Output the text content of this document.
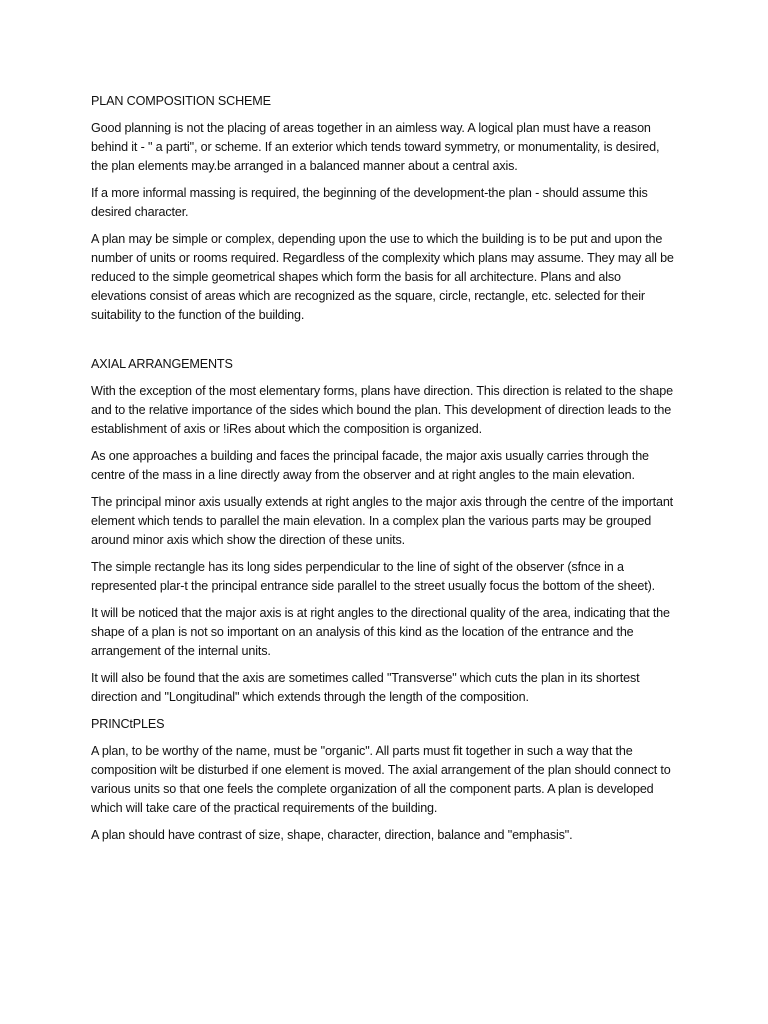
PLAN COMPOSITION SCHEME

Good planning is not the placing of areas together in an aimless way. A logical plan must have a reason behind it - " a parti", or scheme. If an exterior which tends toward symmetry, or monumentality, is desired, the plan elements may.be arranged in a balanced manner about a central axis.

If a more informal massing is required, the beginning of the development-the plan - should assume this desired character.

A plan may be simple or complex, depending upon the use to which the building is to be put and upon the number of units or rooms required. Regardless of the complexity which plans may assume. They may all be reduced to the simple geometrical shapes which form the basis for all architecture. Plans and also elevations consist of areas which are recognized as the square, circle, rectangle, etc. selected for their suitability to the function of the building.

AXIAL ARRANGEMENTS

With the exception of the most elementary forms, plans have direction. This direction is related to the shape and to the relative importance of the sides which bound the plan. This development of direction leads to the establishment of axis or !iRes about which the composition is organized.

As one approaches a building and faces the principal facade, the major axis usually carries through the centre of the mass in a line directly away from the observer and at right angles to the main elevation.

The principal minor axis usually extends at right angles to the major axis through the centre of the important element which tends to parallel the main elevation. In a complex plan the various parts may be grouped around minor axis which show the direction of these units.

The simple rectangle has its long sides perpendicular to the line of sight of the observer (sfnce in a represented plar-t the principal entrance side parallel to the street usually focus the bottom of the sheet).

It will be noticed that the major axis is at right angles to the directional quality of the area, indicating that the shape of a plan is not so important on an analysis of this kind as the location of the entrance and the arrangement of the internal units.

It will also be found that the axis are sometimes called "Transverse" which cuts the plan in its shortest direction and "Longitudinal" which extends through the length of the composition.

PRINCtPLES

A plan, to be worthy of the name, must be "organic". All parts must fit together in such a way that the composition wilt be disturbed if one element is moved. The axial arrangement of the plan should connect to various units so that one feels the complete organization of all the component parts. A plan is developed which will take care of the practical requirements of the building.

A plan should have contrast of size, shape, character, direction, balance and "emphasis".
